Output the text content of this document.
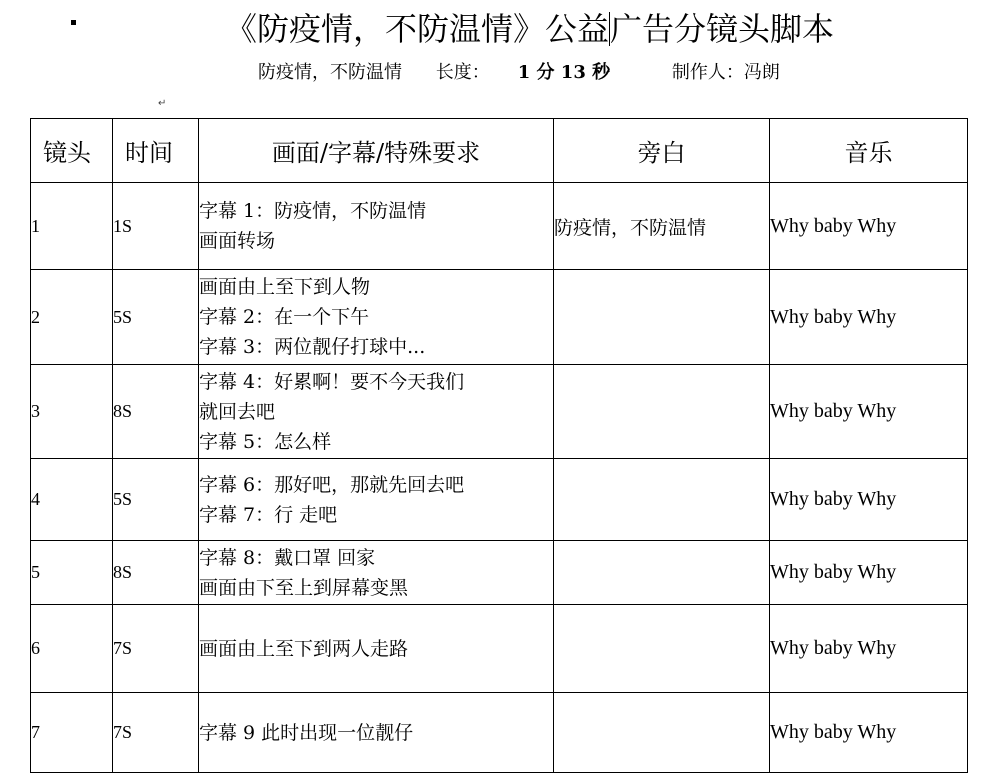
《防疫情，不防温情》公益广告分镜头脚本
防疫情，不防温情 长度： 1 分 13 秒	制作人：冯朗
↵
镜头	时间	画面/字幕/特殊要求	旁白	音乐
1	1S	字幕 1：防疫情，不防温情
画面转场	防疫情，不防温情	Why baby Why
2	5S	画面由上至下到人物
字幕 2：在一个下午
字幕 3：两位靓仔打球中...		Why baby Why
3	8S	字幕 4：好累啊！要不今天我们
就回去吧
字幕 5：怎么样		Why baby Why
4	5S	字幕 6：那好吧，那就先回去吧
字幕 7：行 走吧		Why baby Why
5	8S	字幕 8：戴口罩 回家
画面由下至上到屏幕变黑		Why baby Why
6	7S	画面由上至下到两人走路		Why baby Why
7	7S	字幕 9 此时出现一位靓仔		Why baby Why
